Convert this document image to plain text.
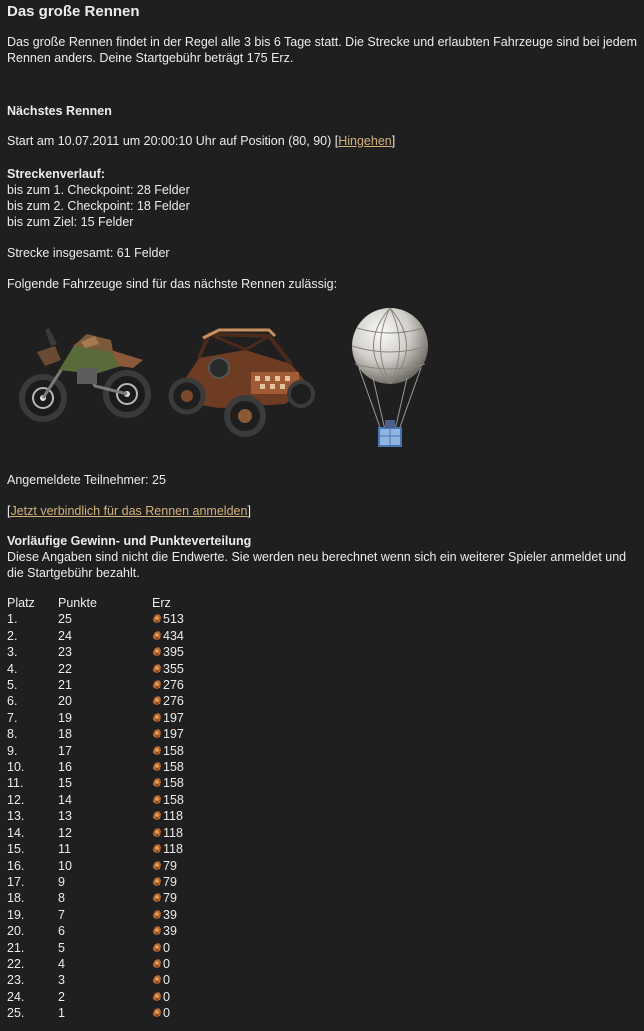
Das große Rennen

Das große Rennen findet in der Regel alle 3 bis 6 Tage statt. Die Strecke und erlaubten Fahrzeuge sind bei jedem Rennen anders. Deine Startgebühr beträgt 175 Erz.

Nächstes Rennen

Start am 10.07.2011 um 20:00:10 Uhr auf Position (80, 90) [Hingehen]

Streckenverlauf:

bis zum 1. Checkpoint: 28 Felder

bis zum 2. Checkpoint: 18 Felder

bis zum Ziel: 15 Felder

Strecke insgesamt: 61 Felder

Folgende Fahrzeuge sind für das nächste Rennen zulässig:

Angemeldete Teilnehmer: 25

[Jetzt verbindlich für das Rennen anmelden]

Vorläufige Gewinn- und Punkteverteilung

Diese Angaben sind nicht die Endwerte. Sie werden neu berechnet wenn sich ein weiterer Spieler anmeldet und die Startgebühr bezahlt.

Platz	Punkte	Erz
1.	25	513
2.	24	434
3.	23	395
4.	22	355
5.	21	276
6.	20	276
7.	19	197
8.	18	197
9.	17	158
10.	16	158
11.	15	158
12.	14	158
13.	13	118
14.	12	118
15.	11	118
16.	10	79
17.	9	79
18.	8	79
19.	7	39
20.	6	39
21.	5	0
22.	4	0
23.	3	0
24.	2	0
25.	1	0
